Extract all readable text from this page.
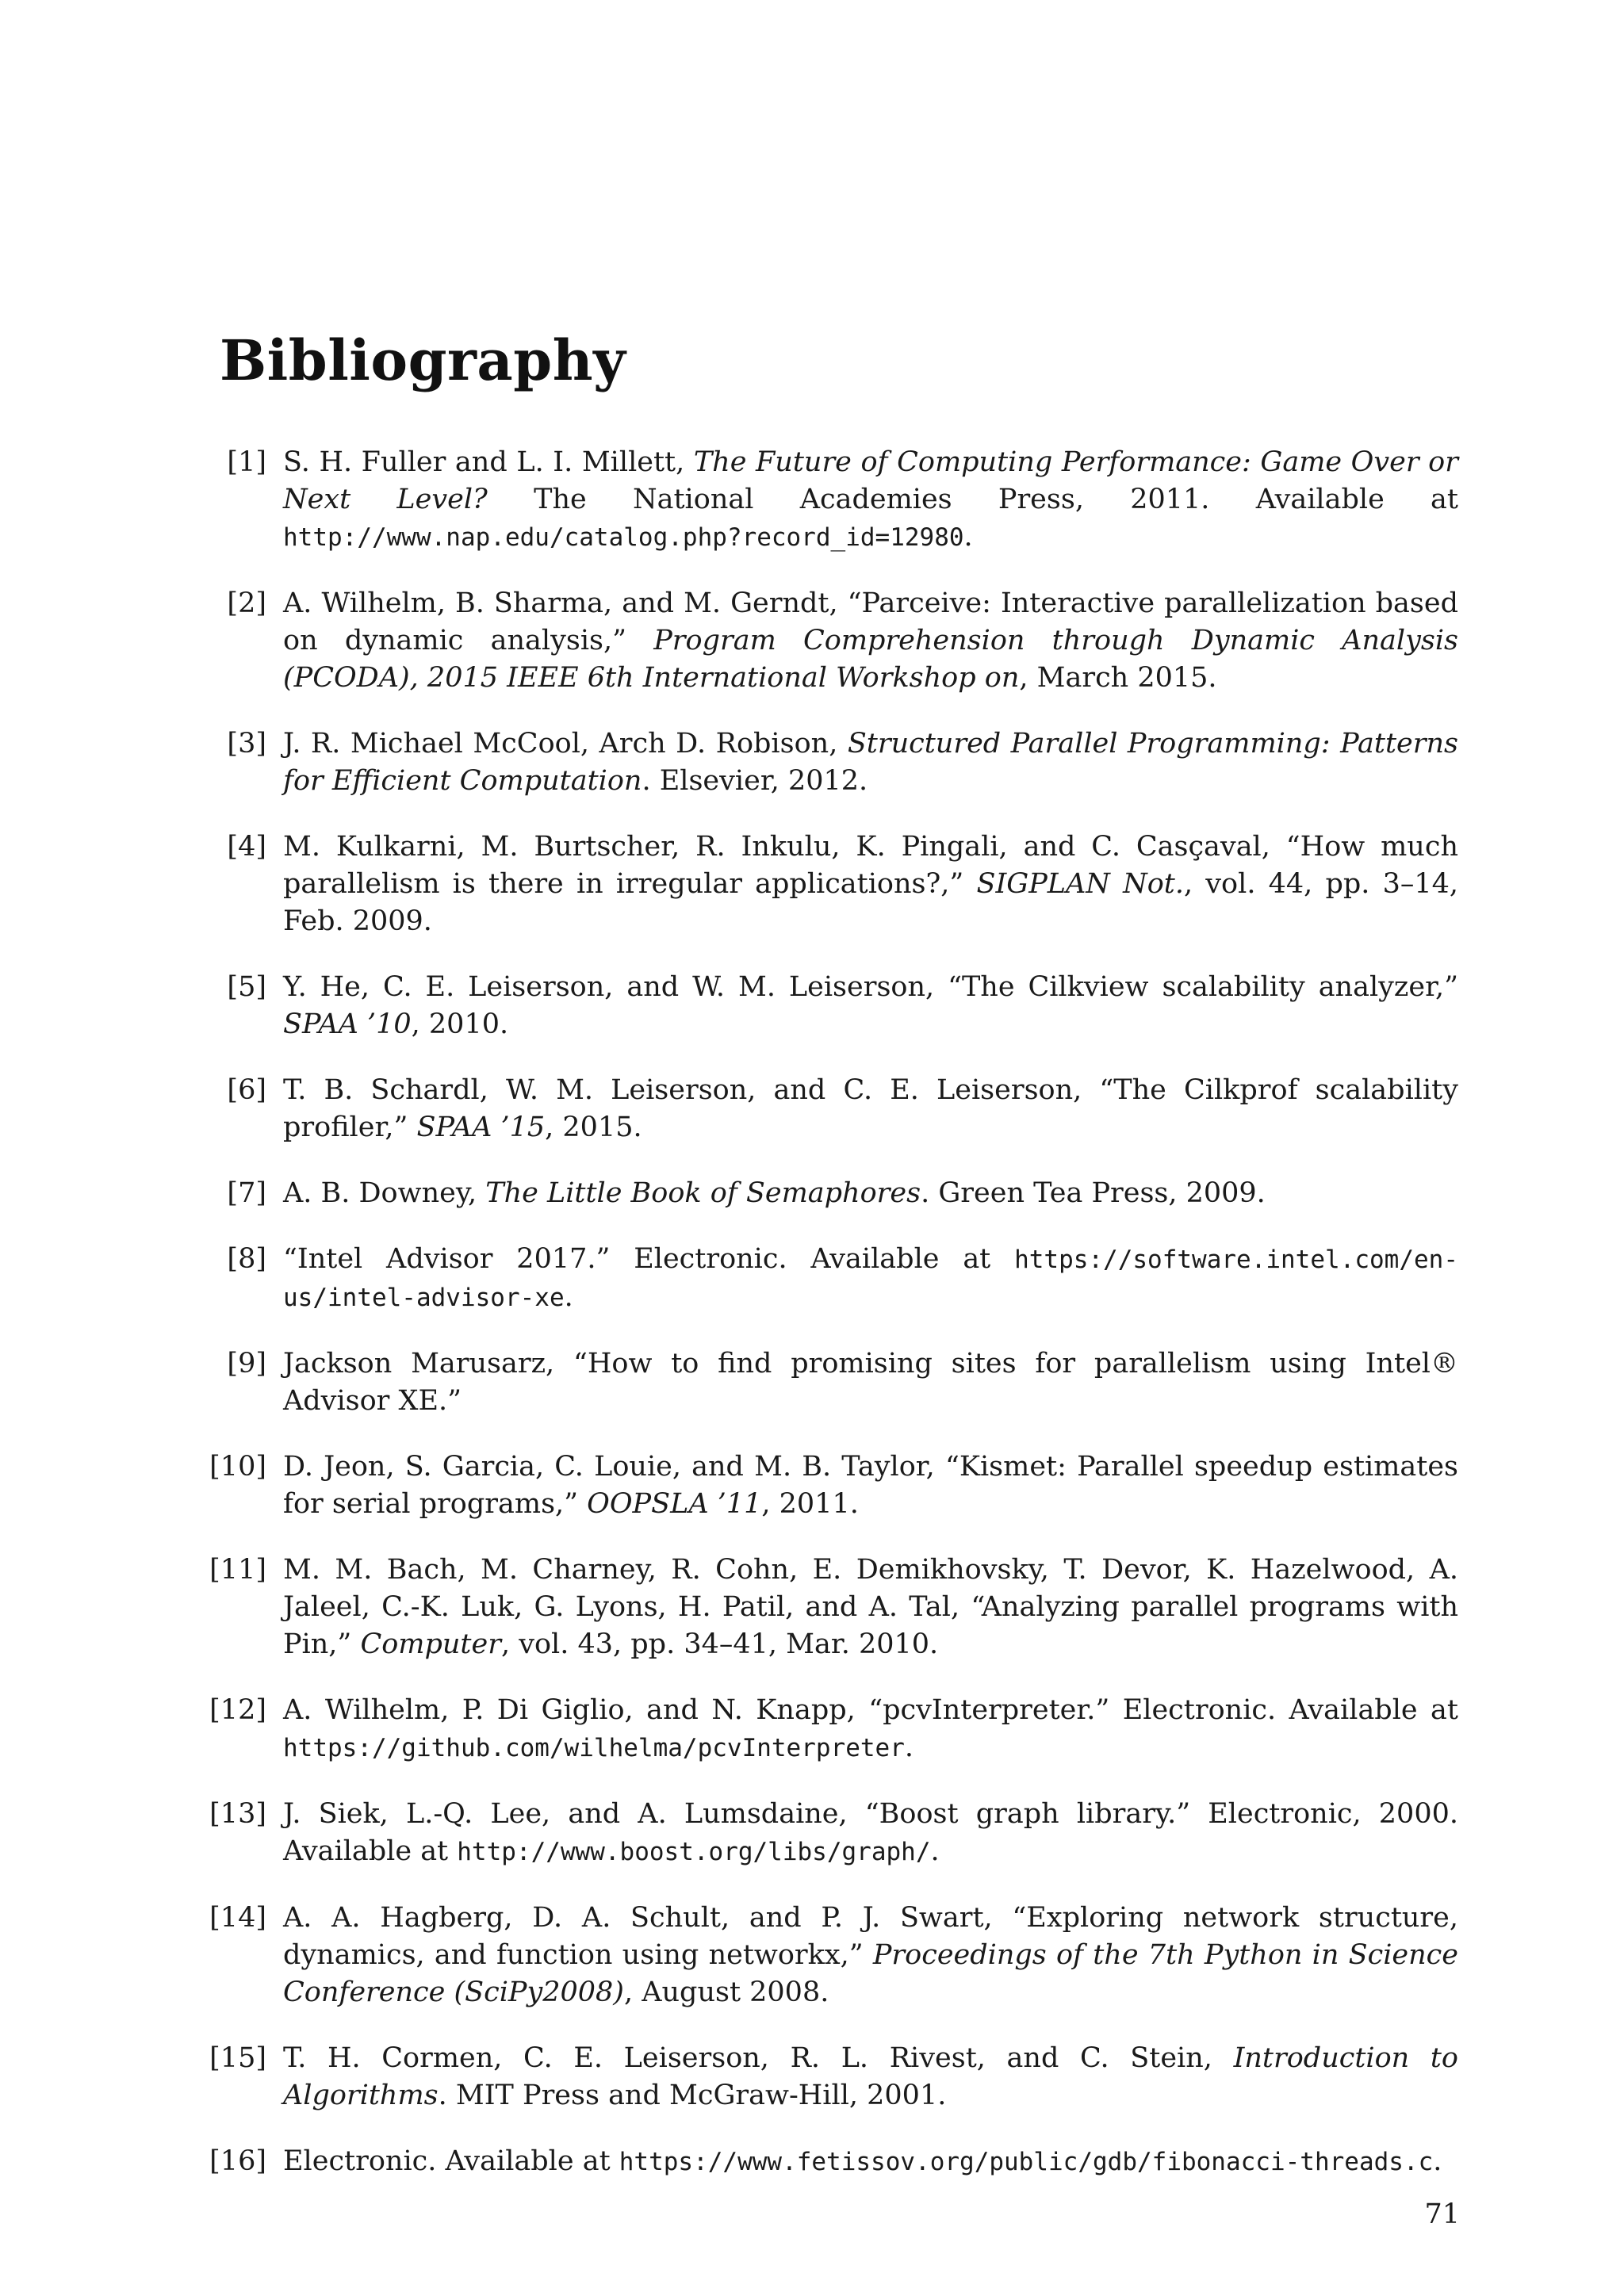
Bibliography
[1] S. H. Fuller and L. I. Millett, The Future of Computing Performance: Game Over or Next Level? The National Academies Press, 2011. Available at http://www.nap.edu/catalog.php?record_id=12980.
[2] A. Wilhelm, B. Sharma, and M. Gerndt, “Parceive: Interactive parallelization based on dynamic analysis,” Program Comprehension through Dynamic Analysis (PCODA), 2015 IEEE 6th International Workshop on, March 2015.
[3] J. R. Michael McCool, Arch D. Robison, Structured Parallel Programming: Patterns for Efficient Computation. Elsevier, 2012.
[4] M. Kulkarni, M. Burtscher, R. Inkulu, K. Pingali, and C. Casçaval, “How much parallelism is there in irregular applications?,” SIGPLAN Not., vol. 44, pp. 3–14, Feb. 2009.
[5] Y. He, C. E. Leiserson, and W. M. Leiserson, “The Cilkview scalability analyzer,” SPAA ’10, 2010.
[6] T. B. Schardl, W. M. Leiserson, and C. E. Leiserson, “The Cilkprof scalability profiler,” SPAA ’15, 2015.
[7] A. B. Downey, The Little Book of Semaphores. Green Tea Press, 2009.
[8] “Intel Advisor 2017.” Electronic. Available at https://software.intel.com/en-us/intel-advisor-xe.
[9] Jackson Marusarz, “How to find promising sites for parallelism using Intel® Advisor XE.”
[10] D. Jeon, S. Garcia, C. Louie, and M. B. Taylor, “Kismet: Parallel speedup estimates for serial programs,” OOPSLA ’11, 2011.
[11] M. M. Bach, M. Charney, R. Cohn, E. Demikhovsky, T. Devor, K. Hazelwood, A. Jaleel, C.-K. Luk, G. Lyons, H. Patil, and A. Tal, “Analyzing parallel programs with Pin,” Computer, vol. 43, pp. 34–41, Mar. 2010.
[12] A. Wilhelm, P. Di Giglio, and N. Knapp, “pcvInterpreter.” Electronic. Available at https://github.com/wilhelma/pcvInterpreter.
[13] J. Siek, L.-Q. Lee, and A. Lumsdaine, “Boost graph library.” Electronic, 2000. Available at http://www.boost.org/libs/graph/.
[14] A. A. Hagberg, D. A. Schult, and P. J. Swart, “Exploring network structure, dynamics, and function using networkx,” Proceedings of the 7th Python in Science Conference (SciPy2008), August 2008.
[15] T. H. Cormen, C. E. Leiserson, R. L. Rivest, and C. Stein, Introduction to Algorithms. MIT Press and McGraw-Hill, 2001.
[16] Electronic. Available at https://www.fetissov.org/public/gdb/fibonacci-threads.c.
71
